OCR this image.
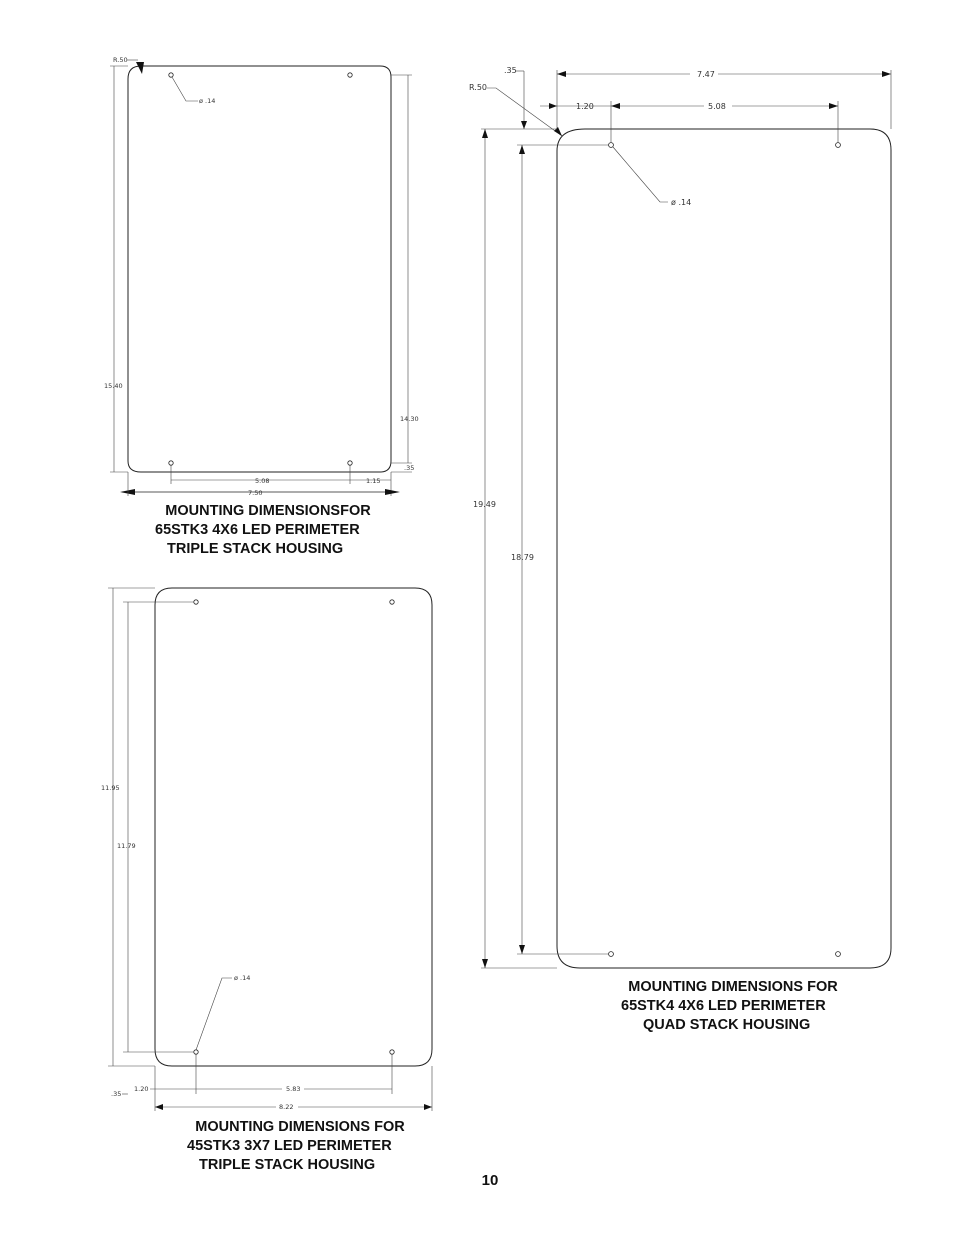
R.50
ø .14
15.40
14.30
.35
5.08	1.15
7.50
.35	7.47
R.50
1.20	5.08
ø .14
19.49
18.79
11.95
11.79
ø .14
.35
1.20	5.83
8.22
MOUNTING DIMENSIONSFOR
65STK3 4X6 LED PERIMETER
TRIPLE STACK HOUSING
MOUNTING DIMENSIONS FOR
65STK4 4X6 LED PERIMETER
QUAD STACK HOUSING
MOUNTING DIMENSIONS FOR
45STK3 3X7 LED PERIMETER
TRIPLE STACK HOUSING
10
